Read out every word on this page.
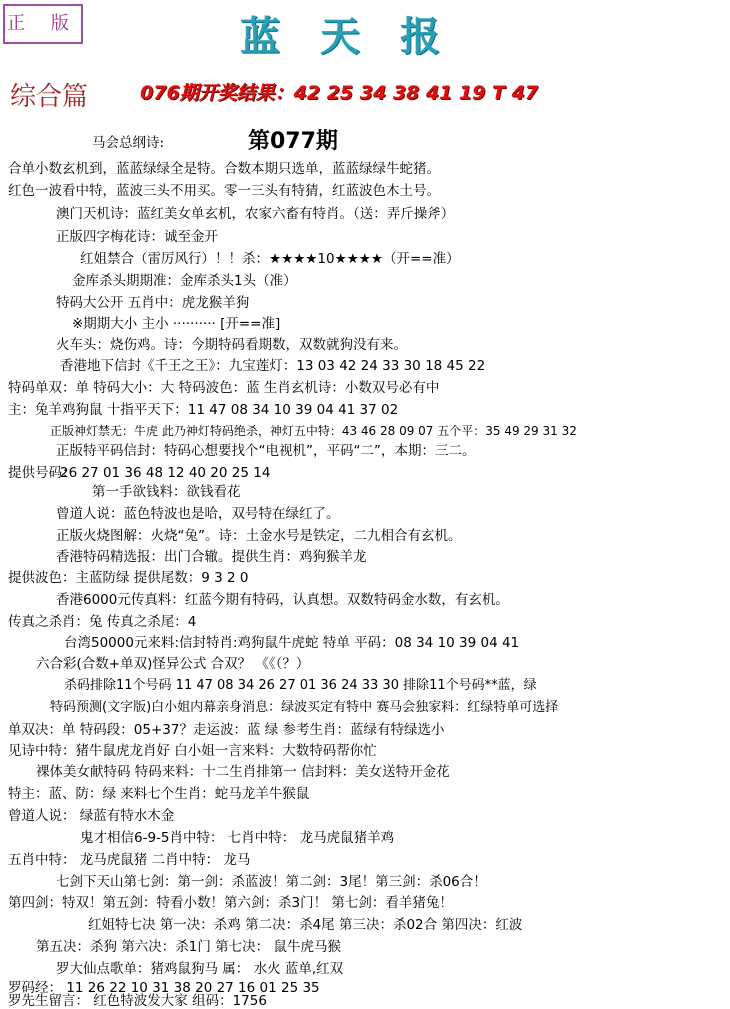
正 版	蓝天报
综合篇	076期开奖结果：42 25 34 38 41 19 T 47
第077期
马会总纲诗:
合单小数玄机到，蓝蓝绿绿全是特。合数本期只选单，蓝蓝绿绿牛蛇猪。
红色一波看中特，蓝波三头不用买。零一三头有特猜，红蓝波色木土号。
澳门天机诗：蓝红美女单玄机，农家六畜有特肖。（送：弄斤操斧）
正版四字梅花诗：诚至金开
红姐禁合（雷厉风行）！！杀：★★★★10★★★★（开==准）
金库杀头期期准：金库杀头1头（准）
特码大公开 五肖中：虎龙猴羊狗
※期期大小 主小 ·········· [开==准]
火车头：烧伤鸡。诗：今期特码看期数，双数就狗没有来。
香港地下信封《千王之王》：九宝莲灯：13 03 42 24 33 30 18 45 22
特码单双：单 特码大小：大 特码波色：蓝 生肖玄机诗：小数双号必有中
主：兔羊鸡狗鼠 十指平天下：11 47 08 34 10 39 04 41 37 02
正版神灯禁无：牛虎 此乃神灯特码绝杀，神灯五中特：43 46 28 09 07 五个平：35 49 29 31 32
正版特平码信封：特码心想要找个“电视机”，平码“二”，本期：三二。
提供号码：
26 27 01 36 48 12 40 20 25 14
第一手欲钱料：欲钱看花
曾道人说：蓝色特波也是哈，双号特在绿红了。
正版火烧图解：火烧“兔”。诗：土金水号是铁定，二九相合有玄机。
香港特码精选报：出门合辙。提供生肖：鸡狗猴羊龙
提供波色：主蓝防绿 提供尾数：9 3 2 0
香港6000元传真料：红蓝今期有特码，认真想。双数特码金水数，有玄机。
传真之杀肖：兔 传真之杀尾：4
台湾50000元来料:信封特肖:鸡狗鼠牛虎蛇 特单 平码：08 34 10 39 04 41
六合彩(合数+单双)怪异公式 合双？ 《《（？）
杀码排除11个号码 11 47 08 34 26 27 01 36 24 33 30 排除11个号码**蓝，绿
特码预测(文字版)白小姐内幕亲身消息：绿波买定有特中 赛马会独家料：红绿特单可选择
单双决：单 特码段：05+37？走运波：蓝 绿 参考生肖：蓝绿有特绿选小
见诗中特：猪牛鼠虎龙肖好 白小姐一言来料：大数特码帮你忙
裸体美女献特码 特码来料：十二生肖排第一 信封料：美女送特开金花
特主：蓝、防：绿 来料七个生肖：蛇马龙羊牛猴鼠
曾道人说： 绿蓝有特水木金
鬼才相信6-9-5肖中特： 七肖中特： 龙马虎鼠猪羊鸡
五肖中特： 龙马虎鼠猪 二肖中特： 龙马
七剑下天山第七剑：第一剑：杀蓝波！第二剑：3尾！第三剑：杀06合！
第四剑：特双！第五剑：特看小数！第六剑：杀3门！ 第七剑：看羊猪兔！
红姐特七决 第一决：杀鸡 第二决：杀4尾 第三决：杀02合 第四决：红波
第五决：杀狗 第六决：杀1门 第七决： 鼠牛虎马猴
罗大仙点歌单：猪鸡鼠狗马 属： 水火 蓝单,红双
罗码经： 11 26 22 10 31 38 20 27 16 01 25 35
罗先生留言： 红色特波发大家 组码：1756
